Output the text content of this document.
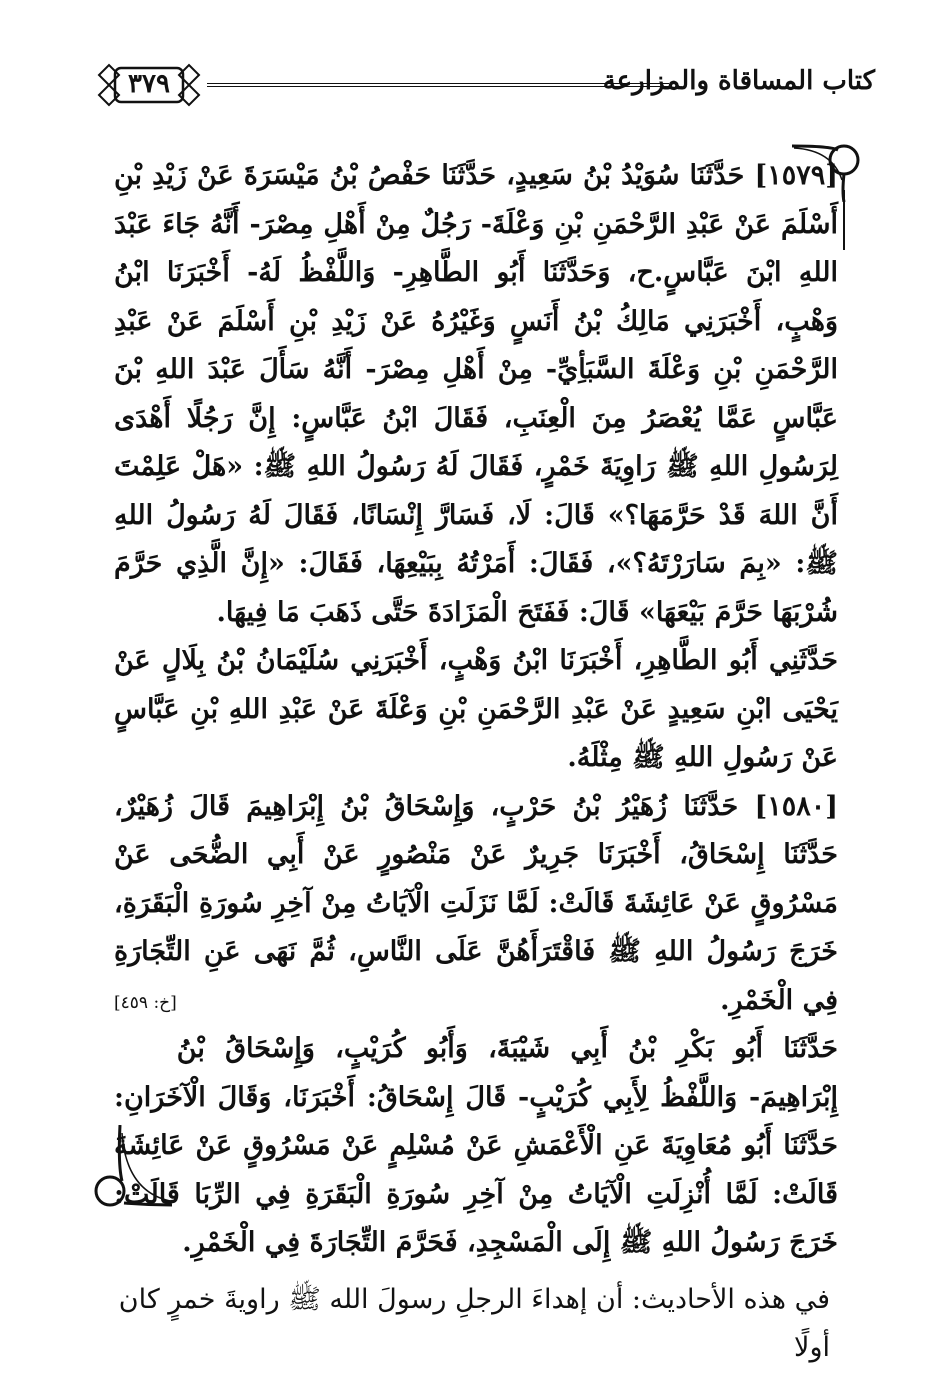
٣٧٩	كتاب المساقاة والمزارعة

[١٥٧٩] حَدَّثَنَا سُوَيْدُ بْنُ سَعِيدٍ، حَدَّثَنَا حَفْصُ بْنُ مَيْسَرَةَ عَنْ زَيْدِ بْنِ أَسْلَمَ عَنْ عَبْدِ الرَّحْمَنِ بْنِ وَعْلَةَ- رَجُلٌ مِنْ أَهْلِ مِصْرَ- أَنَّهُ جَاءَ عَبْدَ اللهِ ابْنَ عَبَّاسٍ.ح، وَحَدَّثَنَا أَبُو الطَّاهِرِ- وَاللَّفْظُ لَهُ- أَخْبَرَنَا ابْنُ وَهْبٍ، أَخْبَرَنِي مَالِكُ بْنُ أَنَسٍ وَغَيْرُهُ عَنْ زَيْدِ بْنِ أَسْلَمَ عَنْ عَبْدِ الرَّحْمَنِ بْنِ وَعْلَةَ السَّبَأِيِّ- مِنْ أَهْلِ مِصْرَ- أَنَّهُ سَأَلَ عَبْدَ اللهِ بْنَ عَبَّاسٍ عَمَّا يُعْصَرُ مِنَ الْعِنَبِ، فَقَالَ ابْنُ عَبَّاسٍ: إِنَّ رَجُلًا أَهْدَى لِرَسُولِ اللهِ ﷺ رَاوِيَةَ خَمْرٍ، فَقَالَ لَهُ رَسُولُ اللهِ ﷺ: «هَلْ عَلِمْتَ أَنَّ اللهَ قَدْ حَرَّمَهَا؟» قَالَ: لَا، فَسَارَّ إِنْسَانًا، فَقَالَ لَهُ رَسُولُ اللهِ ﷺ: «بِمَ سَارَرْتَهُ؟»، فَقَالَ: أَمَرْتُهُ بِبَيْعِهَا، فَقَالَ: «إِنَّ الَّذِي حَرَّمَ شُرْبَهَا حَرَّمَ بَيْعَهَا» قَالَ: فَفَتَحَ الْمَزَادَةَ حَتَّى ذَهَبَ مَا فِيهَا.

حَدَّثَنِي أَبُو الطَّاهِرِ، أَخْبَرَنَا ابْنُ وَهْبٍ، أَخْبَرَنِي سُلَيْمَانُ بْنُ بِلَالٍ عَنْ يَحْيَى ابْنِ سَعِيدٍ عَنْ عَبْدِ الرَّحْمَنِ بْنِ وَعْلَةَ عَنْ عَبْدِ اللهِ بْنِ عَبَّاسٍ عَنْ رَسُولِ اللهِ ﷺ مِثْلَهُ.

[١٥٨٠] حَدَّثَنَا زُهَيْرُ بْنُ حَرْبٍ، وَإِسْحَاقُ بْنُ إِبْرَاهِيمَ قَالَ زُهَيْرٌ، حَدَّثَنَا إِسْحَاقُ، أَخْبَرَنَا جَرِيرٌ عَنْ مَنْصُورٍ عَنْ أَبِي الضُّحَى عَنْ مَسْرُوقٍ عَنْ عَائِشَةَ قَالَتْ: لَمَّا نَزَلَتِ الْآيَاتُ مِنْ آخِرِ سُورَةِ الْبَقَرَةِ، خَرَجَ رَسُولُ اللهِ ﷺ فَاقْتَرَأَهُنَّ عَلَى النَّاسِ، ثُمَّ نَهَى عَنِ التِّجَارَةِ فِي الْخَمْرِ.
[خ: ٤٥٩]

حَدَّثَنَا أَبُو بَكْرِ بْنُ أَبِي شَيْبَةَ، وَأَبُو كُرَيْبٍ، وَإِسْحَاقُ بْنُ إِبْرَاهِيمَ- وَاللَّفْظُ لِأَبِي كُرَيْبٍ- قَالَ إِسْحَاقُ: أَخْبَرَنَا، وَقَالَ الْآخَرَانِ: حَدَّثَنَا أَبُو مُعَاوِيَةَ عَنِ الْأَعْمَشِ عَنْ مُسْلِمٍ عَنْ مَسْرُوقٍ عَنْ عَائِشَةَ قَالَتْ: لَمَّا أُنْزِلَتِ الْآيَاتُ مِنْ آخِرِ سُورَةِ الْبَقَرَةِ فِي الرِّبَا قَالَتْ: خَرَجَ رَسُولُ اللهِ ﷺ إِلَى الْمَسْجِدِ، فَحَرَّمَ التِّجَارَةَ فِي الْخَمْرِ.

في هذه الأحاديث: أن إهداءَ الرجلِ رسولَ الله ﷺ راويةَ خمرٍ كان أولًا
